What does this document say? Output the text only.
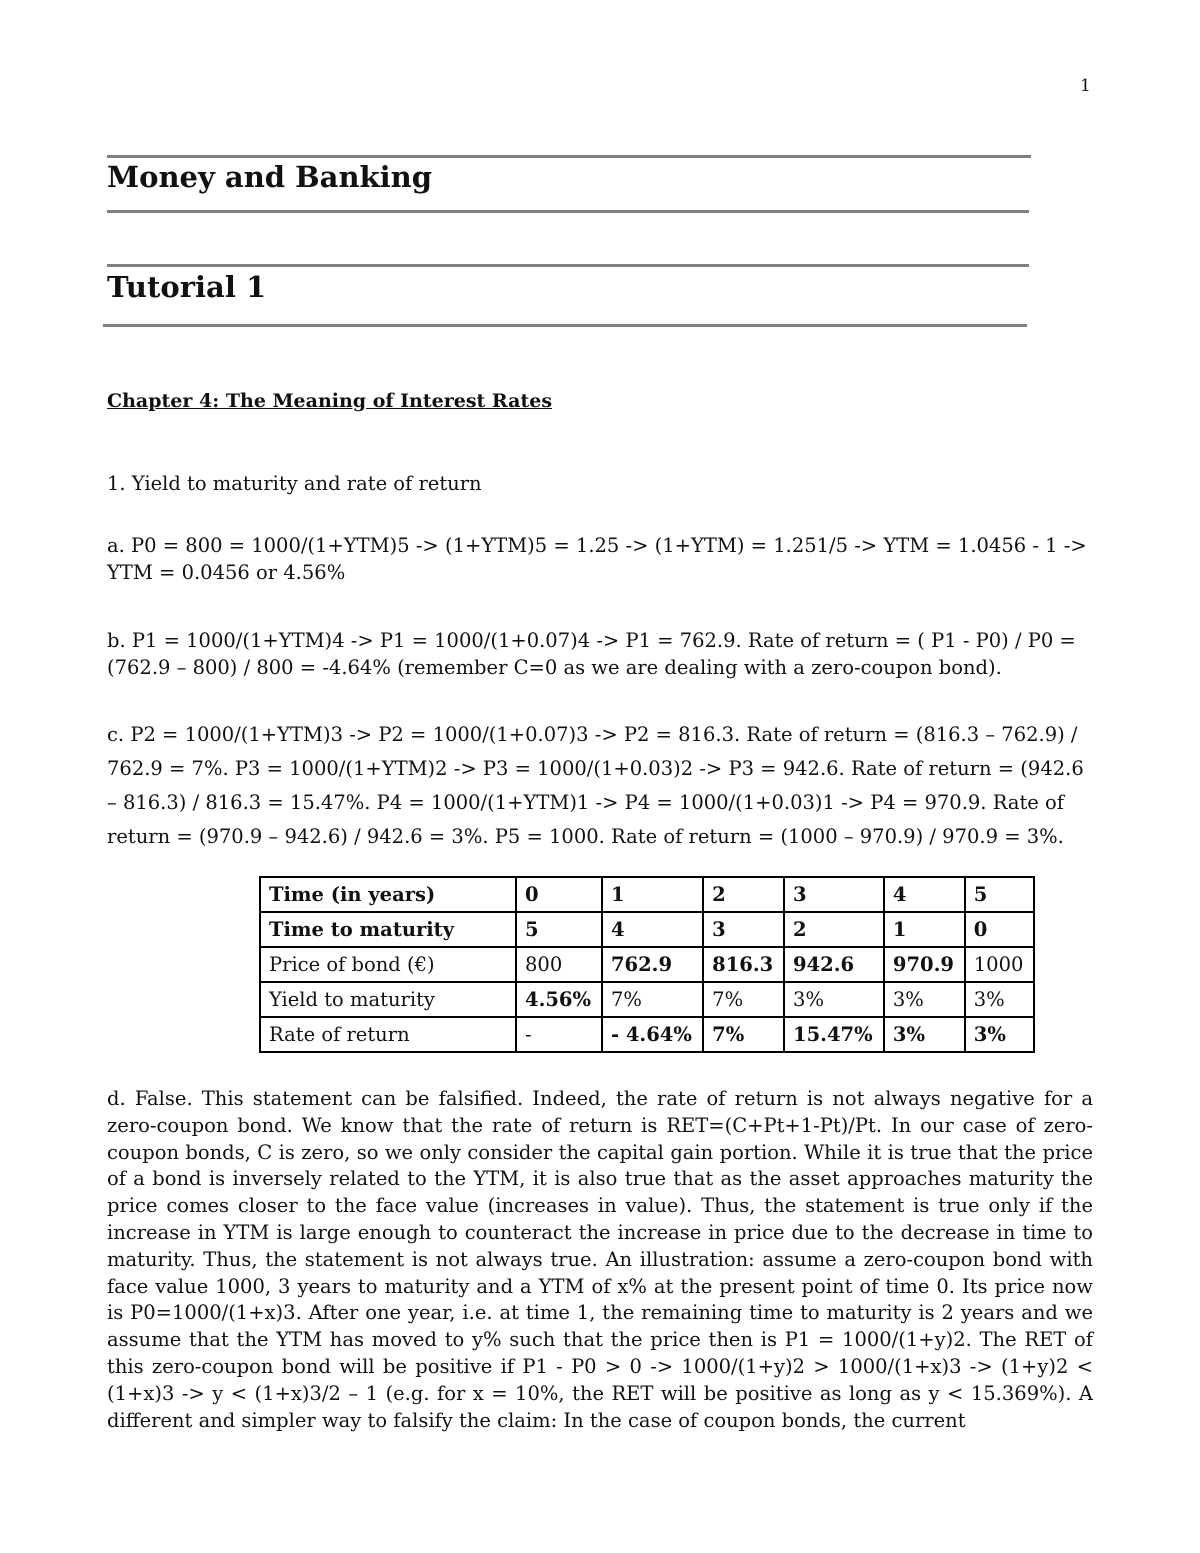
1
Money and Banking
Tutorial 1
Chapter 4: The Meaning of Interest Rates
1. Yield to maturity and rate of return
a. P0 = 800 = 1000/(1+YTM)5 -> (1+YTM)5 = 1.25 -> (1+YTM) = 1.251/5 -> YTM = 1.0456 - 1 -> YTM = 0.0456 or 4.56%
b. P1 = 1000/(1+YTM)4 -> P1 = 1000/(1+0.07)4 -> P1 = 762.9. Rate of return = ( P1 - P0) / P0 = (762.9 – 800) / 800 = -4.64% (remember C=0 as we are dealing with a zero-coupon bond).
c. P2 = 1000/(1+YTM)3 -> P2 = 1000/(1+0.07)3 -> P2 = 816.3. Rate of return = (816.3 – 762.9) / 762.9 = 7%. P3 = 1000/(1+YTM)2 -> P3 = 1000/(1+0.03)2 -> P3 = 942.6. Rate of return = (942.6 – 816.3) / 816.3 = 15.47%. P4 = 1000/(1+YTM)1 -> P4 = 1000/(1+0.03)1 -> P4 = 970.9. Rate of return = (970.9 – 942.6) / 942.6 = 3%. P5 = 1000. Rate of return = (1000 – 970.9) / 970.9 = 3%.
Time (in years)	0	1	2	3	4	5
Time to maturity	5	4	3	2	1	0
Price of bond (€)	800	762.9	816.3	942.6	970.9	1000
Yield to maturity	4.56%	7%	7%	3%	3%	3%
Rate of return	-	- 4.64%	7%	15.47%	3%	3%
d. False. This statement can be falsified. Indeed, the rate of return is not always negative for a zero-coupon bond. We know that the rate of return is RET=(C+Pt+1-Pt)/Pt. In our case of zero-coupon bonds, C is zero, so we only consider the capital gain portion. While it is true that the price of a bond is inversely related to the YTM, it is also true that as the asset approaches maturity the price comes closer to the face value (increases in value). Thus, the statement is true only if the increase in YTM is large enough to counteract the increase in price due to the decrease in time to maturity. Thus, the statement is not always true. An illustration: assume a zero-coupon bond with face value 1000, 3 years to maturity and a YTM of x% at the present point of time 0. Its price now is P0=1000/(1+x)3. After one year, i.e. at time 1, the remaining time to maturity is 2 years and we assume that the YTM has moved to y% such that the price then is P1 = 1000/(1+y)2. The RET of this zero-coupon bond will be positive if P1 - P0 > 0 -> 1000/(1+y)2 > 1000/(1+x)3 -> (1+y)2 < (1+x)3 -> y < (1+x)3/2 – 1 (e.g. for x = 10%, the RET will be positive as long as y < 15.369%). A different and simpler way to falsify the claim: In the case of coupon bonds, the current
